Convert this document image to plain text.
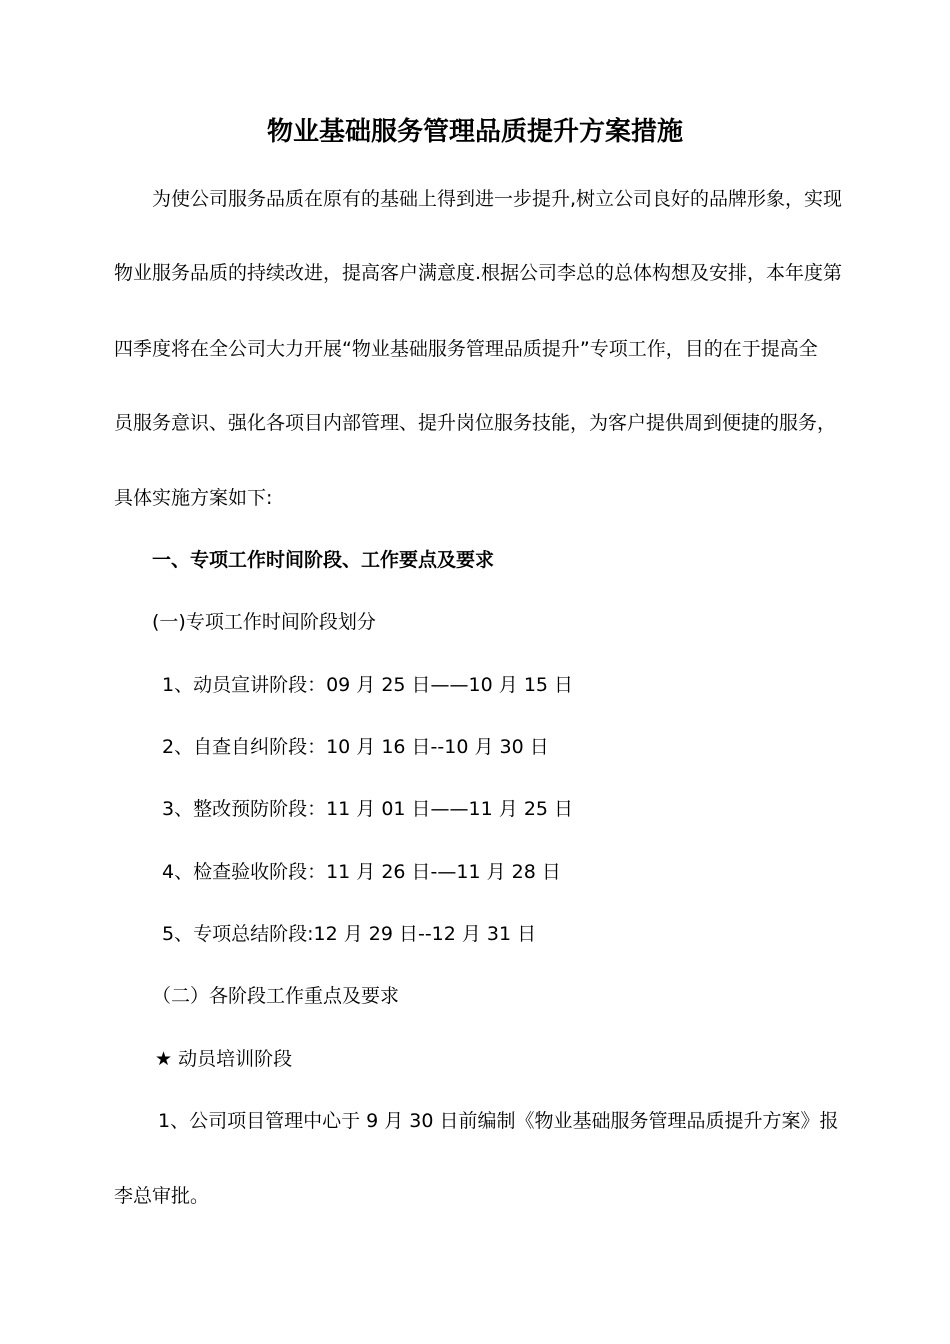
物业基础服务管理品质提升方案措施
为使公司服务品质在原有的基础上得到进一步提升,树立公司良好的品牌形象，实现
物业服务品质的持续改进，提高客户满意度.根据公司李总的总体构想及安排，本年度第
四季度将在全公司大力开展“物业基础服务管理品质提升”专项工作，目的在于提高全
员服务意识、强化各项目内部管理、提升岗位服务技能，为客户提供周到便捷的服务，
具体实施方案如下:
一、专项工作时间阶段、工作要点及要求
(一)专项工作时间阶段划分
1、动员宣讲阶段：09 月 25 日——10 月 15 日
2、自查自纠阶段：10 月 16 日--10 月 30 日
3、整改预防阶段：11 月 01 日——11 月 25 日
4、检查验收阶段：11 月 26 日-—11 月 28 日
5、专项总结阶段:12 月 29 日--12 月 31 日
（二）各阶段工作重点及要求
★ 动员培训阶段
1、公司项目管理中心于 9 月 30 日前编制《物业基础服务管理品质提升方案》报
李总审批。
